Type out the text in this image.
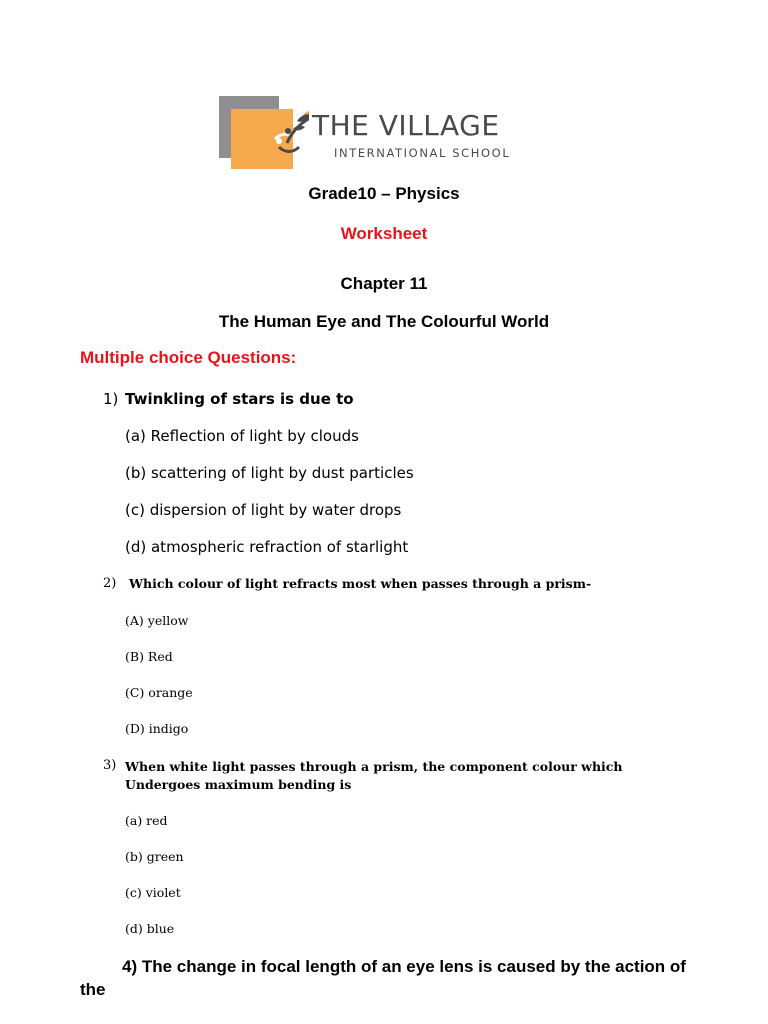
THE VILLAGE
INTERNATIONAL SCHOOL
Grade10 – Physics
Worksheet
Chapter 11
The Human Eye and The Colourful World
Multiple choice Questions:
1) Twinkling of stars is due to
(a) Reflection of light by clouds
(b) scattering of light by dust particles
(c) dispersion of light by water drops
(d) atmospheric refraction of starlight
2) Which colour of light refracts most when passes through a prism-
(A) yellow
(B) Red
(C) orange
(D) indigo
3) When white light passes through a prism, the component colour which
Undergoes maximum bending is
(a) red
(b) green
(c) violet
(d) blue
4) The change in focal length of an eye lens is caused by the action of
the
